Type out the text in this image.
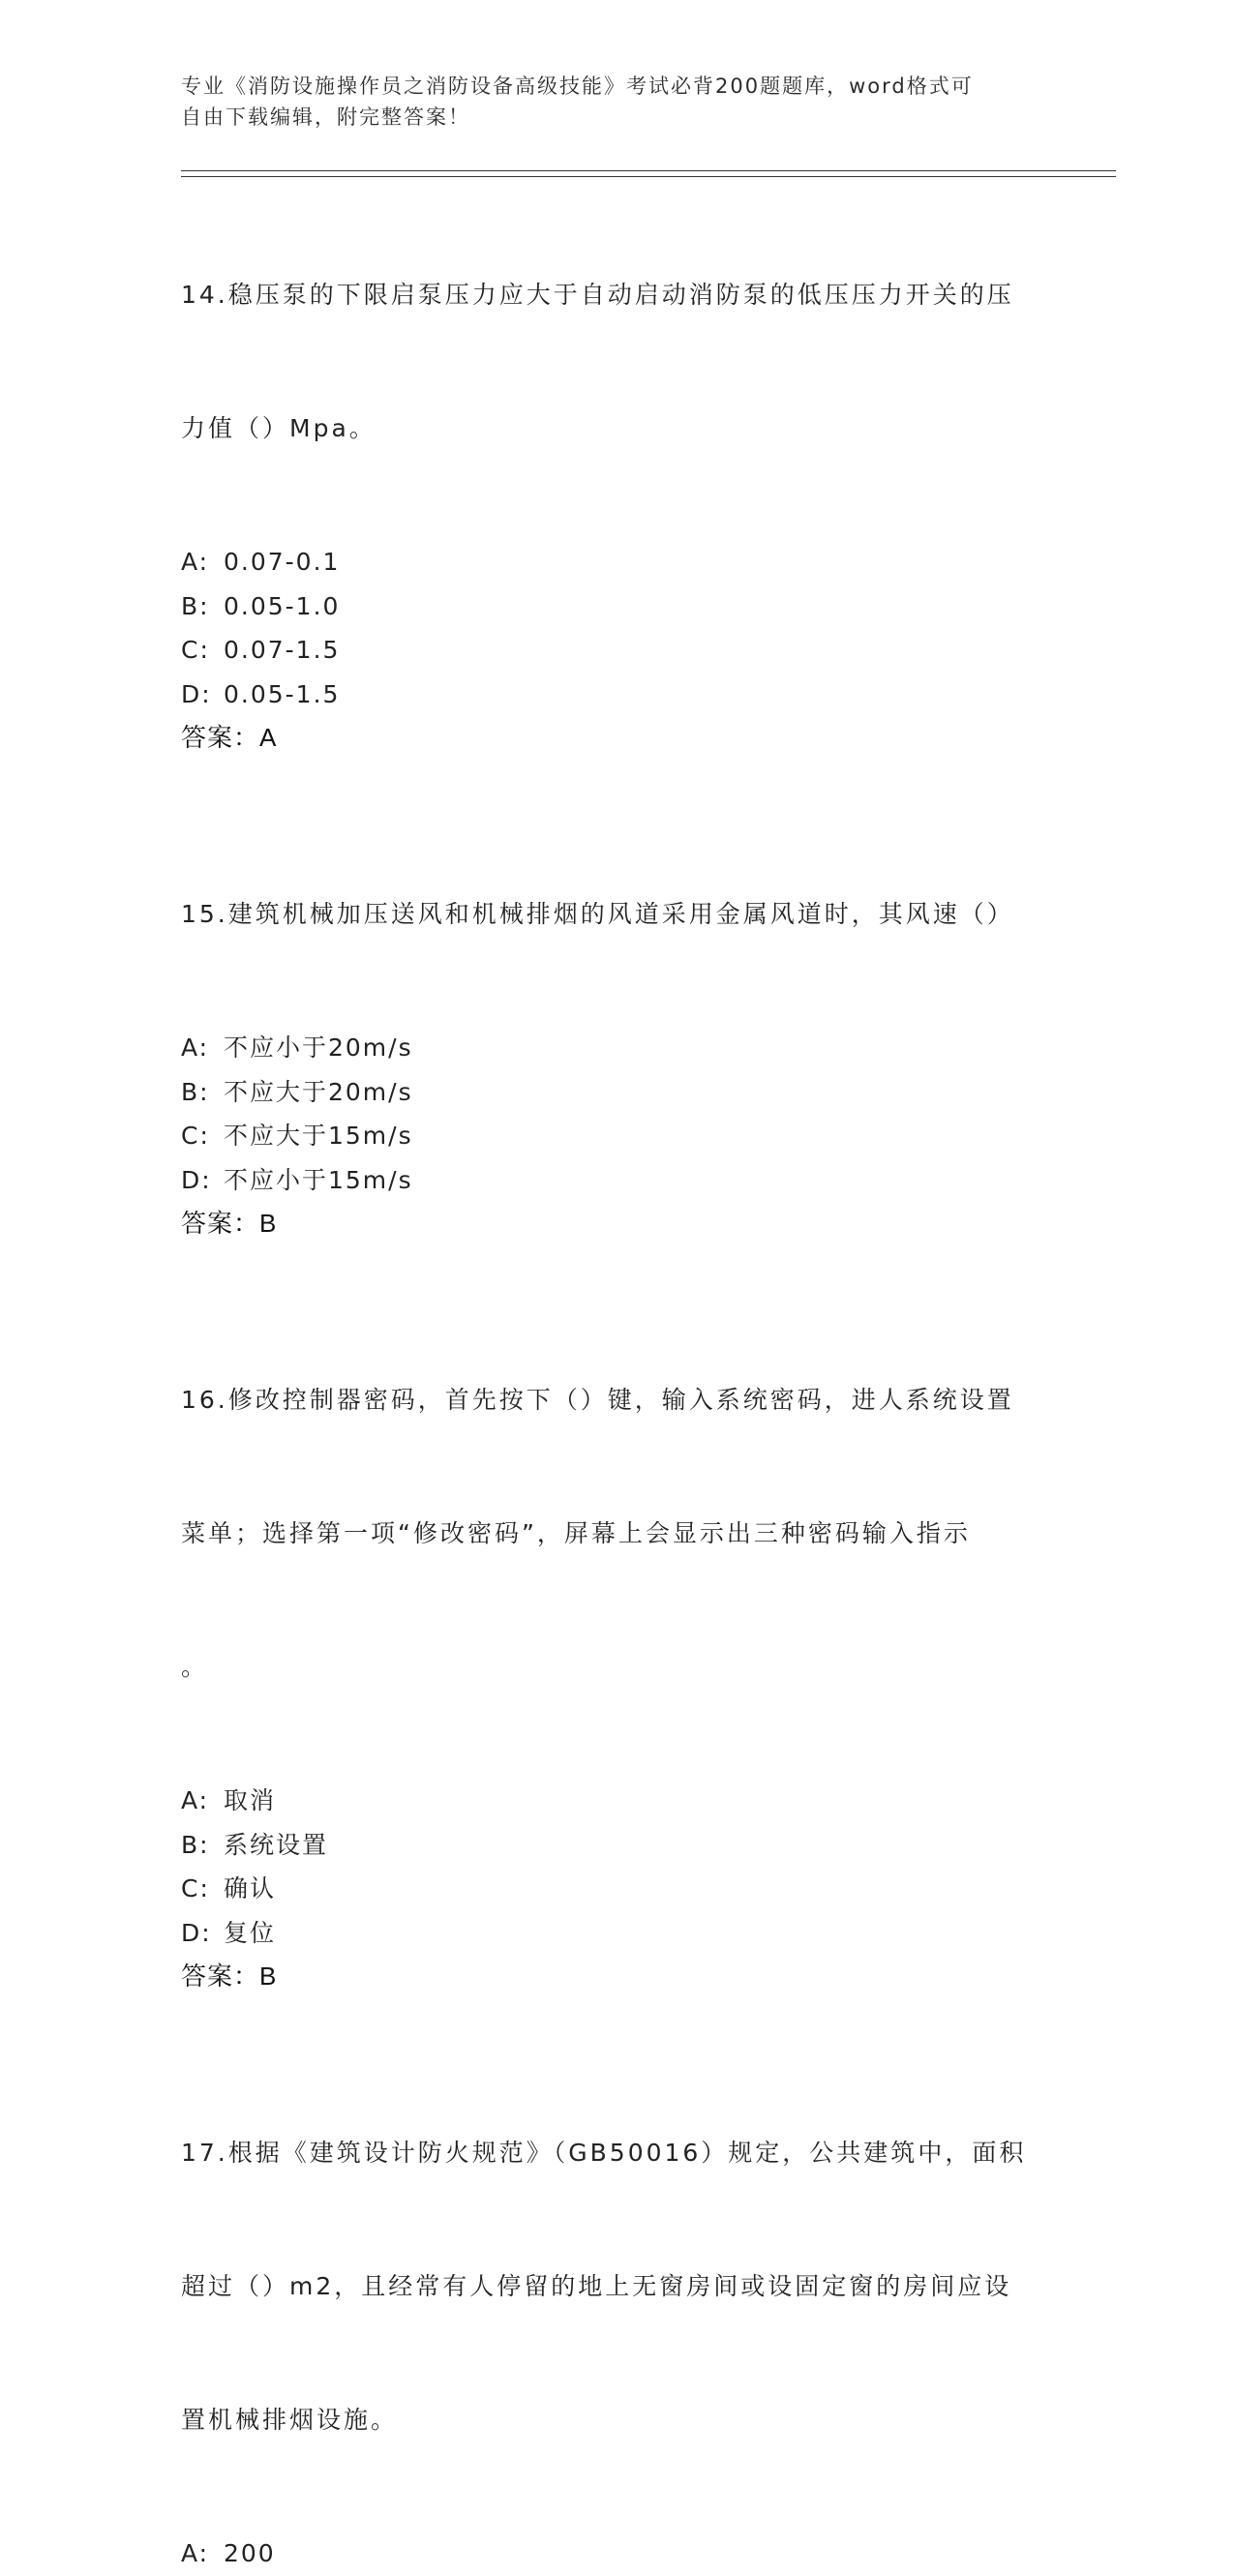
专业《消防设施操作员之消防设备高级技能》考试必背200题题库，word格式可
自由下载编辑，附完整答案！

14.稳压泵的下限启泵压力应大于自动启动消防泵的低压压力开关的压

力值（）Mpa。

A: 0.07-0.1
B: 0.05-1.0
C: 0.07-1.5
D: 0.05-1.5
答案：A

15.建筑机械加压送风和机械排烟的风道采用金属风道时，其风速（）

A: 不应小于20m/s
B: 不应大于20m/s
C: 不应大于15m/s
D: 不应小于15m/s
答案：B

16.修改控制器密码，首先按下（）键，输入系统密码，进人系统设置

菜单；选择第一项“修改密码”，屏幕上会显示出三种密码输入指示

。

A: 取消
B: 系统设置
C: 确认
D: 复位
答案：B

17.根据《建筑设计防火规范》（GB50016）规定，公共建筑中，面积

超过（）m2，且经常有人停留的地上无窗房间或设固定窗的房间应设

置机械排烟设施。

A: 200
